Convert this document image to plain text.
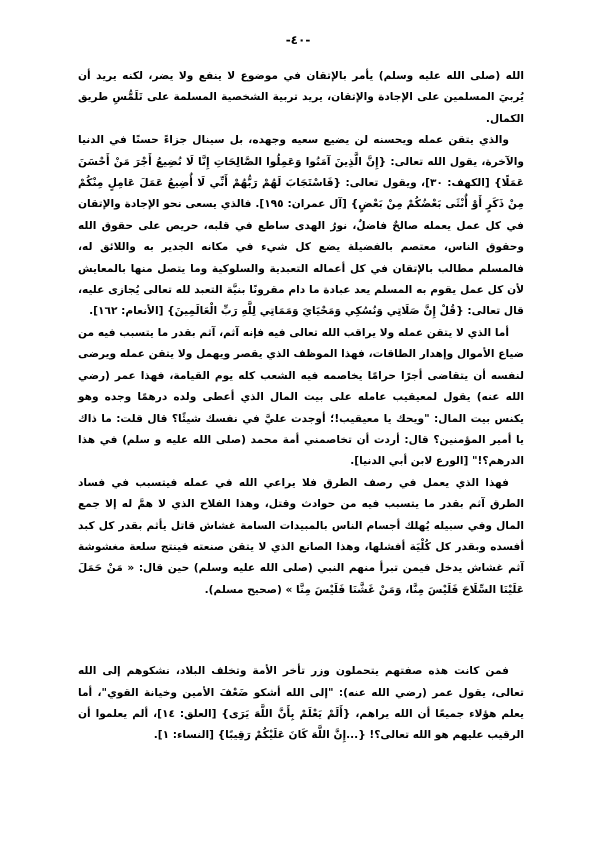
-٤٠-

الله (صلى الله عليه وسلم) يأمر بالإتقان في موضوع لا ينفع ولا يضر، لكنه يريد أن يُربيَ المسلمين على الإجادة والإتقان، يريد تربية الشخصية المسلمة على تَلَمُّسِ طريق الكمال.

والذي يتقن عمله ويحسنه لن يضيع سعيه وجهده، بل سينال جزاءً حسنًا في الدنيا والآخرة، يقول الله تعالى: {إِنَّ الَّذِينَ آمَنُوا وَعَمِلُوا الصَّالِحَاتِ إِنَّا لَا نُضِيعُ أَجْرَ مَنْ أَحْسَنَ عَمَلًا} [الكهف: ٣٠]، ويقول تعالى: {فَاسْتَجَابَ لَهُمْ رَبُّهُمْ أَنِّي لَا أُضِيعُ عَمَلَ عَامِلٍ مِنْكُمْ مِنْ ذَكَرٍ أَوْ أُنْثَى بَعْضُكُمْ مِنْ بَعْضٍ} [آل عمران: ١٩٥]. فالذي يسعى نحو الإجادة والإتقان في كل عمل يعمله صالحٌ فاضلٌ، نورُ الهدى ساطع في قلبه، حريص على حقوق الله وحقوق الناس، معتصم بالفضيلة يضع كل شيء في مكانه الجدير به واللائق له، فالمسلم مطالب بالإتقان في كل أعماله التعبدية والسلوكية وما يتصل منها بالمعايش لأن كل عمل يقوم به المسلم يعد عبادة ما دام مقرونًا بنيَّة التعبد لله تعالى يُجازى عليه، قال تعالى: {قُلْ إِنَّ صَلَاتِي وَنُسُكِي وَمَحْيَايَ وَمَمَاتِي لِلَّهِ رَبِّ الْعَالَمِينَ} [الأنعام: ١٦٢].

أما الذي لا يتقن عمله ولا يراقب الله تعالى فيه فإنه آثم، آثم بقدر ما يتسبب فيه من ضياع الأموال وإهدار الطاقات، فهذا الموظف الذي يقصر ويهمل ولا يتقن عمله ويرضى لنفسه أن يتقاضى أجرًا حرامًا يخاصمه فيه الشعب كله يوم القيامة، فهذا عمر (رضي الله عنه) يقول لمعيقيب عامله على بيت المال الذي أعطى ولده درهمًا وجده وهو يكنس بيت المال: "ويحك يا معيقيب!؛ أوجدت عليَّ في نفسك شيئًا؟ قال قلت: ما ذاك يا أمير المؤمنين؟ قال: أردت أن تخاصمني أمة محمد (صلى الله عليه و سلم) في هذا الدرهم؟!" [الورع لابن أبي الدنيا].

فهذا الذي يعمل في رصف الطرق فلا يراعي الله في عمله فيتسبب في فساد الطرق آثم بقدر ما يتسبب فيه من حوادث وقتل، وهذا الفلاح الذي لا همَّ له إلا جمع المال وفي سبيله يُهلك أجسام الناس بالمبيدات السامة غشاش قاتل يأثم بقدر كل كبد أفسده وبقدر كل كُلْيَة أفشلها، وهذا الصانع الذي لا يتقن صنعته فينتج سلعة مغشوشة آثم غشاش يدخل فيمن تبرأ منهم النبي (صلى الله عليه وسلم) حين قال: « مَنْ حَمَلَ عَلَيْنَا السِّلَاحَ فَلَيْسَ مِنَّا، وَمَنْ غَشَّنَا فَلَيْسَ مِنَّا » (صحيح مسلم).

فمن كانت هذه صفتهم يتحملون وزر تأخر الأمة وتخلف البلاد، نشكوهم إلى الله تعالى، يقول عمر (رضي الله عنه): "إلى الله أشكو ضَعْفَ الأمين وخيانة القوي"، أما يعلم هؤلاء جميعًا أن الله يراهم، {أَلَمْ يَعْلَمْ بِأَنَّ اللَّهَ يَرَى} [العلق: ١٤]، ألم يعلموا أن الرقيب عليهم هو الله تعالى؟! {...إِنَّ اللَّهَ كَانَ عَلَيْكُمْ رَقِيبًا} [النساء: ١].
